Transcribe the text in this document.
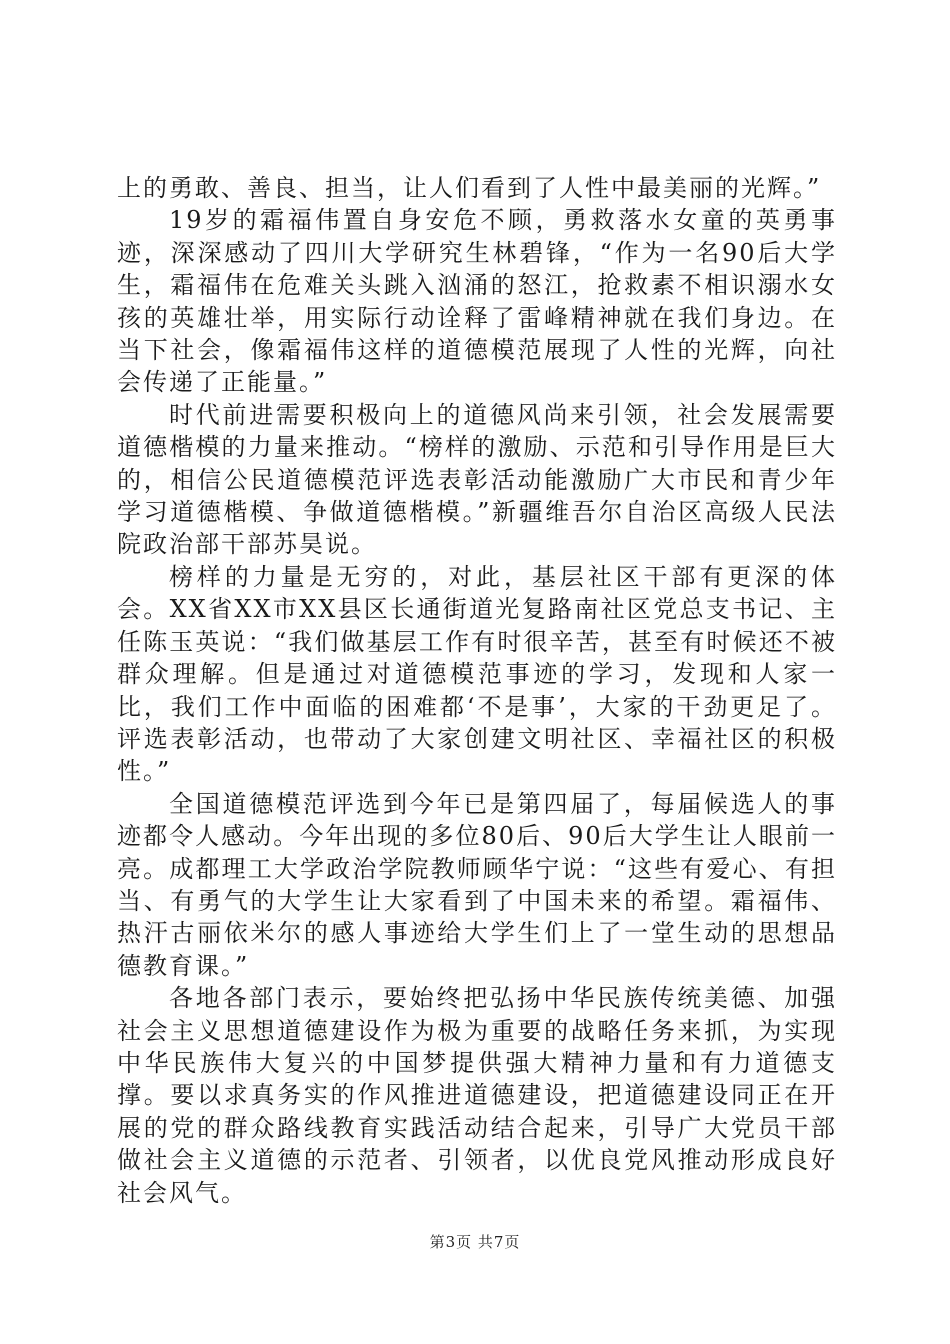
上的勇敢、善良、担当，让人们看到了人性中最美丽的光辉。”

19岁的霜福伟置自身安危不顾，勇救落水女童的英勇事迹，深深感动了四川大学研究生林碧锋，“作为一名90后大学生，霜福伟在危难关头跳入汹涌的怒江，抢救素不相识溺水女孩的英雄壮举，用实际行动诠释了雷峰精神就在我们身边。在当下社会，像霜福伟这样的道德模范展现了人性的光辉，向社会传递了正能量。”

时代前进需要积极向上的道德风尚来引领，社会发展需要道德楷模的力量来推动。“榜样的激励、示范和引导作用是巨大的，相信公民道德模范评选表彰活动能激励广大市民和青少年学习道德楷模、争做道德楷模。”新疆维吾尔自治区高级人民法院政治部干部苏昊说。

榜样的力量是无穷的，对此，基层社区干部有更深的体会。XX省XX市XX县区长通街道光复路南社区党总支书记、主任陈玉英说：“我们做基层工作有时很辛苦，甚至有时候还不被群众理解。但是通过对道德模范事迹的学习，发现和人家一比，我们工作中面临的困难都‘不是事’，大家的干劲更足了。评选表彰活动，也带动了大家创建文明社区、幸福社区的积极性。”

全国道德模范评选到今年已是第四届了，每届候选人的事迹都令人感动。今年出现的多位80后、90后大学生让人眼前一亮。成都理工大学政治学院教师顾华宁说：“这些有爱心、有担当、有勇气的大学生让大家看到了中国未来的希望。霜福伟、热汗古丽依米尔的感人事迹给大学生们上了一堂生动的思想品德教育课。”

各地各部门表示，要始终把弘扬中华民族传统美德、加强社会主义思想道德建设作为极为重要的战略任务来抓，为实现中华民族伟大复兴的中国梦提供强大精神力量和有力道德支撑。要以求真务实的作风推进道德建设，把道德建设同正在开展的党的群众路线教育实践活动结合起来，引导广大党员干部做社会主义道德的示范者、引领者，以优良党风推动形成良好社会风气。

第3页 共7页
